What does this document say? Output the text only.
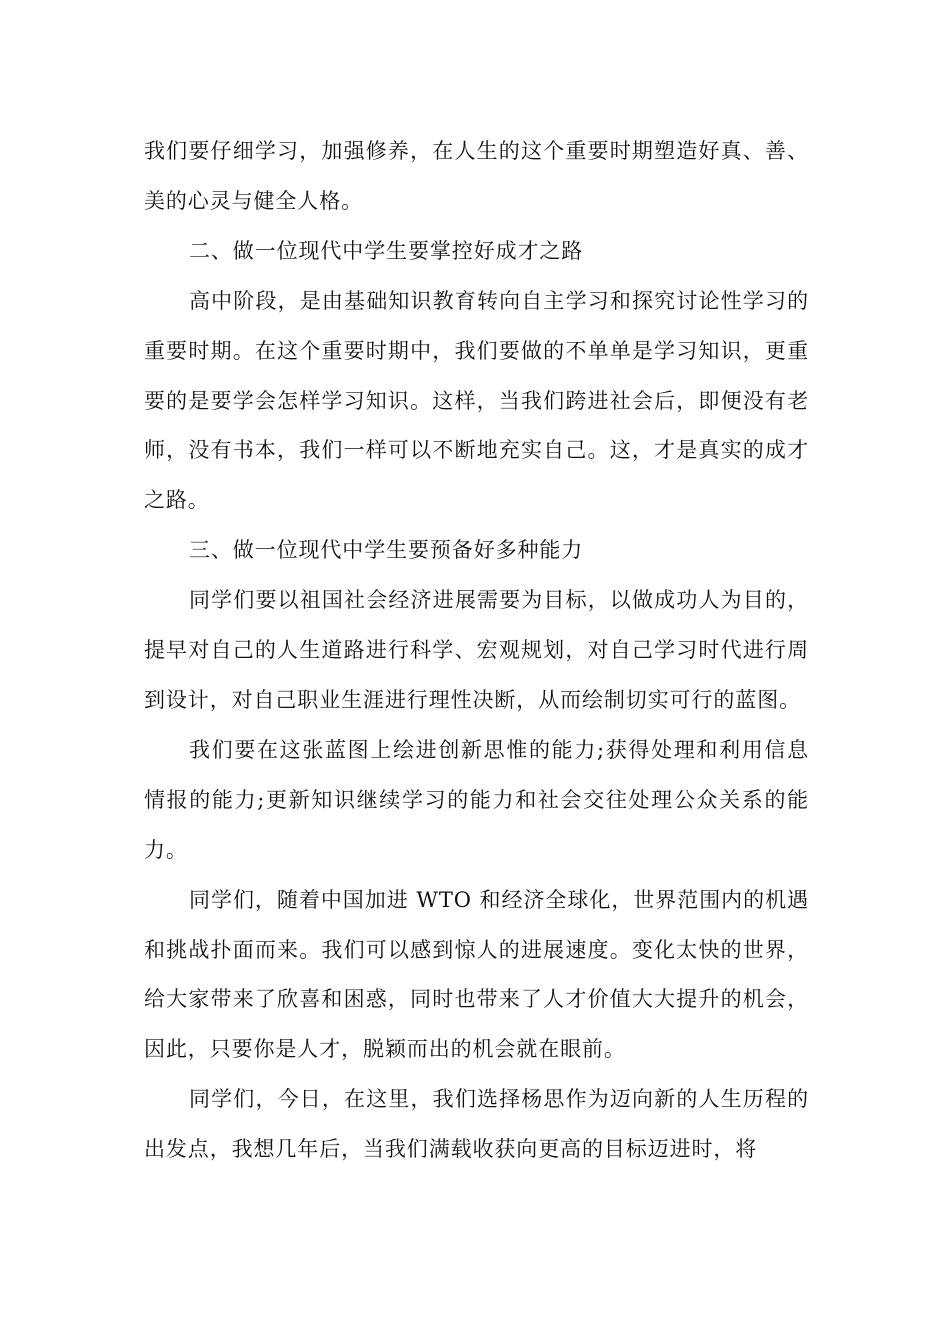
我们要仔细学习，加强修养，在人生的这个重要时期塑造好真、善、美的心灵与健全人格。

二、做一位现代中学生要掌控好成才之路

高中阶段，是由基础知识教育转向自主学习和探究讨论性学习的重要时期。在这个重要时期中，我们要做的不单单是学习知识，更重要的是要学会怎样学习知识。这样，当我们跨进社会后，即便没有老师，没有书本，我们一样可以不断地充实自己。这，才是真实的成才之路。

三、做一位现代中学生要预备好多种能力

同学们要以祖国社会经济进展需要为目标，以做成功人为目的，提早对自己的人生道路进行科学、宏观规划，对自己学习时代进行周到设计，对自己职业生涯进行理性决断，从而绘制切实可行的蓝图。

我们要在这张蓝图上绘进创新思惟的能力;获得处理和利用信息情报的能力;更新知识继续学习的能力和社会交往处理公众关系的能力。

同学们，随着中国加进 WTO 和经济全球化，世界范围内的机遇和挑战扑面而来。我们可以感到惊人的进展速度。变化太快的世界，给大家带来了欣喜和困惑，同时也带来了人才价值大大提升的机会，因此，只要你是人才，脱颖而出的机会就在眼前。

同学们，今日，在这里，我们选择杨思作为迈向新的人生历程的出发点，我想几年后，当我们满载收获向更高的目标迈进时，将
